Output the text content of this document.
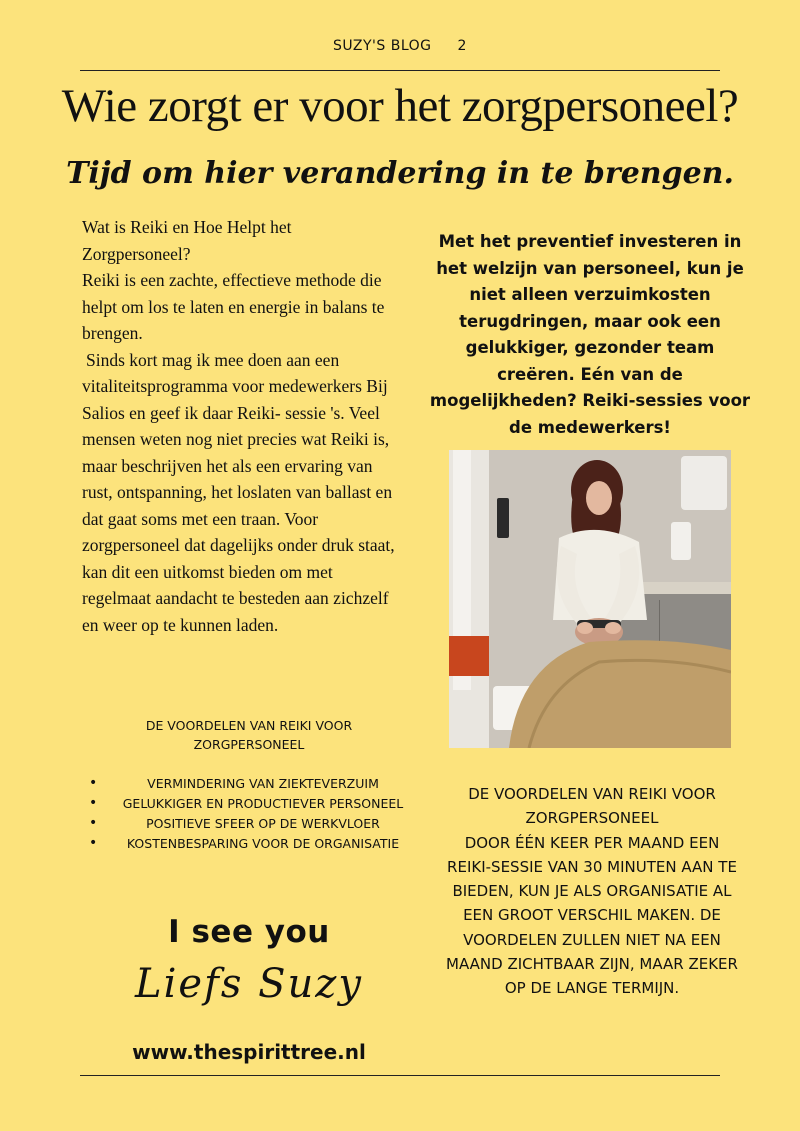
SUZY'S BLOG 2
Wie zorgt er voor het zorgpersoneel?
Tijd om hier verandering in te brengen.

Wat is Reiki en Hoe Helpt het Zorgpersoneel?

Reiki is een zachte, effectieve methode die helpt om los te laten en energie in balans te brengen.

Sinds kort mag ik mee doen aan een vitaliteitsprogramma voor medewerkers Bij Salios en geef ik daar Reiki- sessie 's. Veel mensen weten nog niet precies wat Reiki is, maar beschrijven het als een ervaring van rust, ontspanning, het loslaten van ballast en dat gaat soms met een traan. Voor zorgpersoneel dat dagelijks onder druk staat, kan dit een uitkomst bieden om met regelmaat aandacht te besteden aan zichzelf en weer op te kunnen laden.

Met het preventief investeren in het welzijn van personeel, kun je niet alleen verzuimkosten terugdringen, maar ook een gelukkiger, gezonder team creëren. Eén van de mogelijkheden? Reiki-sessies voor de medewerkers!
DE VOORDELEN VAN REIKI VOOR ZORGPERSONEEL
•	VERMINDERING VAN ZIEKTEVERZUIM
• GELUKKIGER EN PRODUCTIEVER PERSONEEL
•	POSITIEVE SFEER OP DE WERKVLOER
• KOSTENBESPARING VOOR DE ORGANISATIE
I see you
Liefs Suzy
www.thespirittree.nl
DE VOORDELEN VAN REIKI VOOR ZORGPERSONEEL
DOOR ÉÉN KEER PER MAAND EEN REIKI-SESSIE VAN 30 MINUTEN AAN TE BIEDEN, KUN JE ALS ORGANISATIE AL EEN GROOT VERSCHIL MAKEN. DE VOORDELEN ZULLEN NIET NA EEN MAAND ZICHTBAAR ZIJN, MAAR ZEKER OP DE LANGE TERMIJN.
